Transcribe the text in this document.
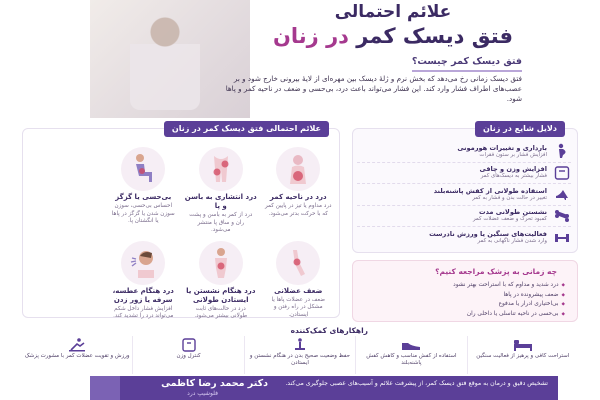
علائم احتمالی
فتق دیسک کمر در زنان
فتق دیسک کمر چیست؟
فتق دیسک زمانی رخ می‌دهد که بخش نرم و ژلهٔ دیسک بین مهره‌ای از لایهٔ بیرونی خارج شود و بر عصب‌های اطراف فشار وارد کند. این فشار می‌تواند باعث درد، بی‌حسی و ضعف در ناحیه کمر و پاها شود.
علائم احتمالی فتق دیسک کمر در زنان
درد در ناحیه کمر
درد مداوم یا تیز در پایین کمر که با حرکت بدتر می‌شود.
درد انتشاری به باسن و پا
درد از کمر به باسن و پشت ران و ساق پا منتشر می‌شود.
بی‌حسی یا گزگز
احساس بی‌حسی، سوزن سوزن شدن یا گزگز در پاها یا انگشتان پا.
ضعف عضلانی
ضعف در عضلات پاها یا مشکل در راه رفتن و ایستادن.
درد هنگام نشستن یا ایستادن طولانی
درد در حالت‌های ثابت طولانی بیشتر می‌شود.
درد هنگام عطسه، سرفه یا زور زدن
افزایش فشار داخل شکم می‌تواند درد را تشدید کند.
دلایل شایع در زنان
بارداری و تغییرات هورمونی
افزایش فشار بر ستون فقرات
افزایش وزن و چاقی
فشار بیشتر به دیسک‌های کمر
استفاده طولانی از کفش پاشنه‌بلند
تغییر در حالت بدن و فشار به کمر
نشستن طولانی مدت
کمبود تحرک و ضعف عضلات کمر
فعالیت‌های سنگین یا ورزش نادرست
وارد شدن فشار ناگهانی به کمر
چه زمانی به پزشک مراجعه کنیم؟
◆ درد شدید و مداوم که با استراحت بهتر نشود
◆ ضعف پیشرونده در پاها
◆ بی‌اختیاری ادرار یا مدفوع
◆ بی‌حسی در ناحیه تناسلی یا داخلی ران
راهکارهای کمک‌کننده
استراحت کافی و پرهیز از فعالیت سنگین
استفاده از کفش مناسب و کاهش کفش پاشنه‌بلند
حفظ وضعیت صحیح بدن در هنگام نشستن و ایستادن
کنترل وزن
ورزش و تقویت عضلات کمر با مشورت پزشک
دکتر محمد رضا کاظمی
فلوشیپ درد
تشخیص دقیق و درمان به موقع فتق دیسک کمر، از پیشرفت علائم و آسیب‌های عصبی جلوگیری می‌کند.
